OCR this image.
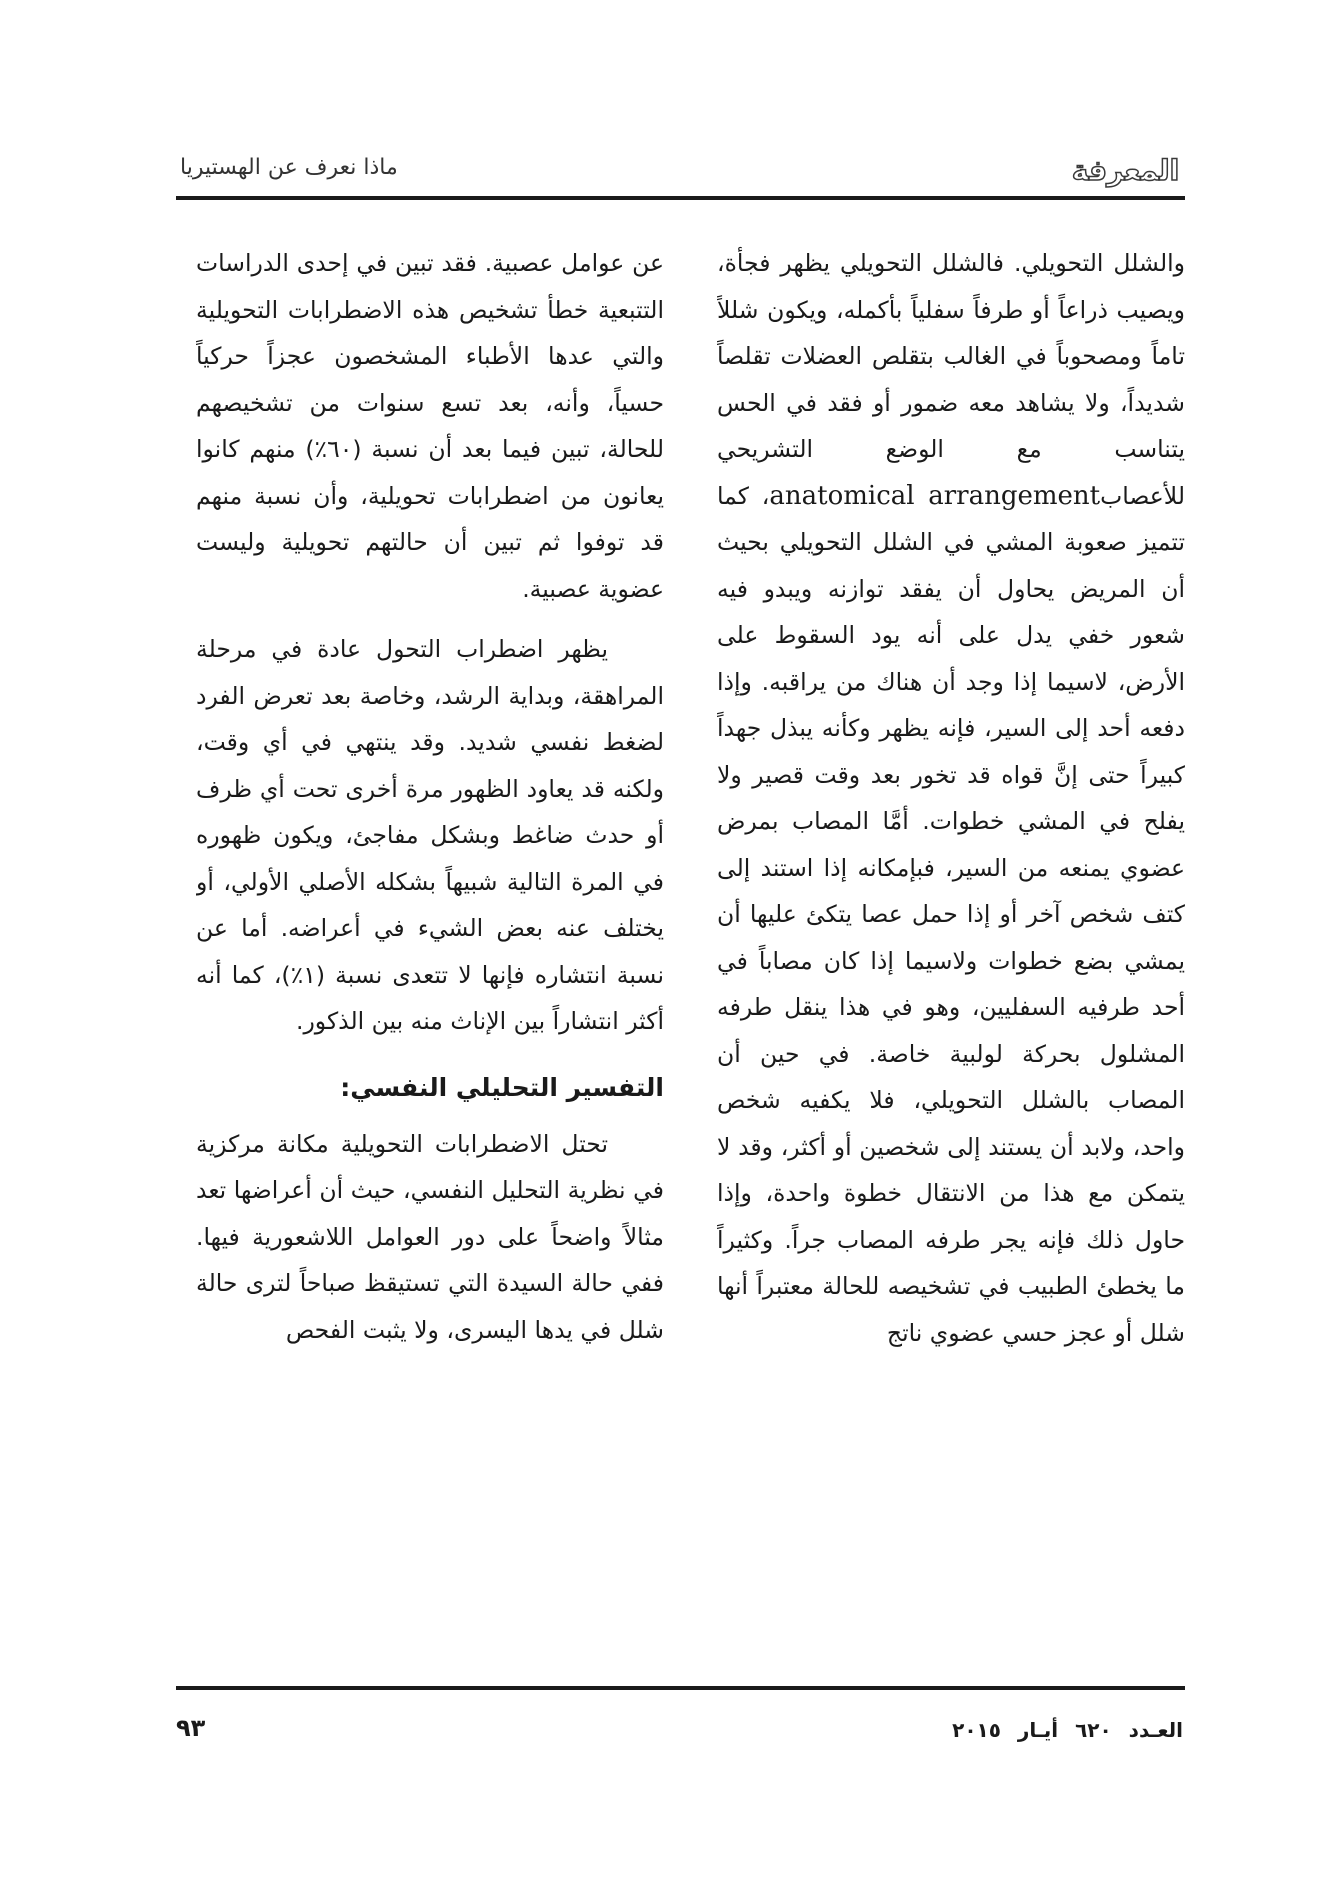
المعرفة
ماذا نعرف عن الهستيريا

والشلل التحويلي. فالشلل التحويلي يظهر فجأة، ويصيب ذراعاً أو طرفاً سفلياً بأكمله، ويكون شللاً تاماً ومصحوباً في الغالب بتقلص العضلات تقلصاً شديداً، ولا يشاهد معه ضمور أو فقد في الحس يتناسب مع الوضع التشريحي للأعصابanatomical arrangement، كما تتميز صعوبة المشي في الشلل التحويلي بحيث أن المريض يحاول أن يفقد توازنه ويبدو فيه شعور خفي يدل على أنه يود السقوط على الأرض، لاسيما إذا وجد أن هناك من يراقبه. وإذا دفعه أحد إلى السير، فإنه يظهر وكأنه يبذل جهداً كبيراً حتى إنَّ قواه قد تخور بعد وقت قصير ولا يفلح في المشي خطوات. أمَّا المصاب بمرض عضوي يمنعه من السير، فبإمكانه إذا استند إلى كتف شخص آخر أو إذا حمل عصا يتكئ عليها أن يمشي بضع خطوات ولاسيما إذا كان مصاباً في أحد طرفيه السفليين، وهو في هذا ينقل طرفه المشلول بحركة لولبية خاصة. في حين أن المصاب بالشلل التحويلي، فلا يكفيه شخص واحد، ولابد أن يستند إلى شخصين أو أكثر، وقد لا يتمكن مع هذا من الانتقال خطوة واحدة، وإذا حاول ذلك فإنه يجر طرفه المصاب جراً. وكثيراً ما يخطئ الطبيب في تشخيصه للحالة معتبراً أنها شلل أو عجز حسي عضوي ناتج

عن عوامل عصبية. فقد تبين في إحدى الدراسات التتبعية خطأ تشخيص هذه الاضطرابات التحويلية والتي عدها الأطباء المشخصون عجزاً حركياً حسياً، وأنه، بعد تسع سنوات من تشخيصهم للحالة، تبين فيما بعد أن نسبة (٦٠٪) منهم كانوا يعانون من اضطرابات تحويلية، وأن نسبة منهم قد توفوا ثم تبين أن حالتهم تحويلية وليست عضوية عصبية.

يظهر اضطراب التحول عادة في مرحلة المراهقة، وبداية الرشد، وخاصة بعد تعرض الفرد لضغط نفسي شديد. وقد ينتهي في أي وقت، ولكنه قد يعاود الظهور مرة أخرى تحت أي ظرف أو حدث ضاغط وبشكل مفاجئ، ويكون ظهوره في المرة التالية شبيهاً بشكله الأصلي الأولي، أو يختلف عنه بعض الشيء في أعراضه. أما عن نسبة انتشاره فإنها لا تتعدى نسبة (١٪)، كما أنه أكثر انتشاراً بين الإناث منه بين الذكور.

التفسير التحليلي النفسي:

تحتل الاضطرابات التحويلية مكانة مركزية في نظرية التحليل النفسي، حيث أن أعراضها تعد مثالاً واضحاً على دور العوامل اللاشعورية فيها. ففي حالة السيدة التي تستيقظ صباحاً لترى حالة شلل في يدها اليسرى، ولا يثبت الفحص

العـدد ٦٢٠ أيـار ٢٠١٥
٩٣
